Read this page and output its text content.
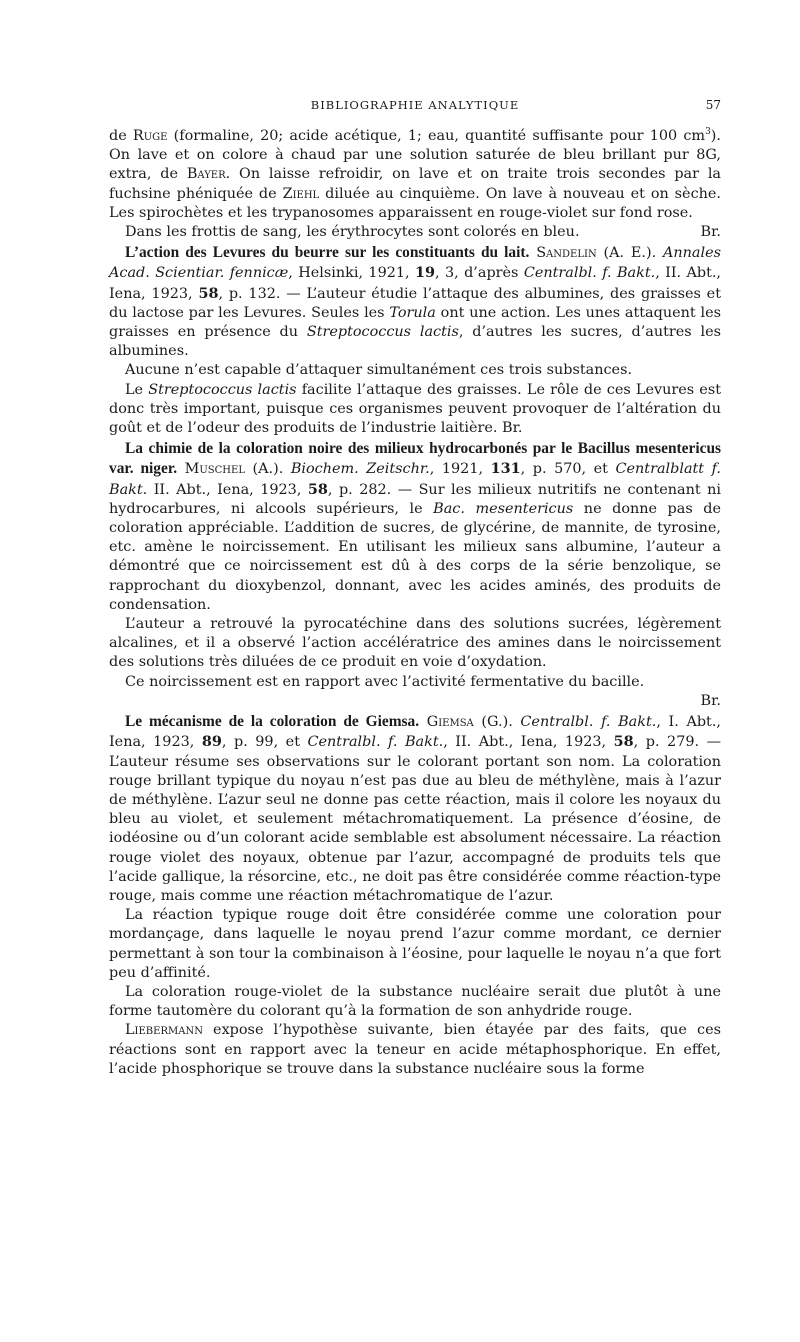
BIBLIOGRAPHIE ANALYTIQUE	57

de Ruge (formaline, 20; acide acétique, 1; eau, quantité suffisante pour 100 $cm^3$). On lave et on colore à chaud par une solution saturée de bleu brillant pur 8G, extra, de Bayer. On laisse refroidir, on lave et on traite trois secondes par la fuchsine phéniquée de Ziehl diluée au cinquième. On lave à nouveau et on sèche. Les spirochètes et les trypanosomes apparaissent en rouge-violet sur fond rose.

Dans les frottis de sang, les érythrocytes sont colorés en bleu.	Br.

L’action des Levures du beurre sur les constituants du lait. Sandelin (A. E.). Annales Acad. Scientiar. fennicæ, Helsinki, 1921, 19, 3, d’après Centralbl. f. Bakt., II. Abt., Iena, 1923, 58, p. 132. — L’auteur étudie l’attaque des albumines, des graisses et du lactose par les Levures. Seules les Torula ont une action. Les unes attaquent les graisses en présence du Streptococcus lactis, d’autres les sucres, d’autres les albumines.

Aucune n’est capable d’attaquer simultanément ces trois substances.

Le Streptococcus lactis facilite l’attaque des graisses. Le rôle de ces Levures est donc très important, puisque ces organismes peuvent provoquer de l’altération du goût et de l’odeur des produits de l’industrie laitière. Br.

La chimie de la coloration noire des milieux hydrocarbonés par le Bacillus mesentericus var. niger. Muschel (A.). Biochem. Zeitschr., 1921, 131, p. 570, et Centralblatt f. Bakt. II. Abt., Iena, 1923, 58, p. 282. — Sur les milieux nutritifs ne contenant ni hydrocarbures, ni alcools supérieurs, le Bac. mesentericus ne donne pas de coloration appréciable. L’addition de sucres, de glycérine, de mannite, de tyrosine, etc. amène le noircissement. En utilisant les milieux sans albumine, l’auteur a démontré que ce noircissement est dû à des corps de la série benzolique, se rapprochant du dioxybenzol, donnant, avec les acides aminés, des produits de condensation.

L’auteur a retrouvé la pyrocatéchine dans des solutions sucrées, légèrement alcalines, et il a observé l’action accélératrice des amines dans le noircissement des solutions très diluées de ce produit en voie d’oxydation.

Ce noircissement est en rapport avec l’activité fermentative du bacille.

Br.

Le mécanisme de la coloration de Giemsa. Giemsa (G.). Centralbl. f. Bakt., I. Abt., Iena, 1923, 89, p. 99, et Centralbl. f. Bakt., II. Abt., Iena, 1923, 58, p. 279. — L’auteur résume ses observations sur le colorant portant son nom. La coloration rouge brillant typique du noyau n’est pas due au bleu de méthylène, mais à l’azur de méthylène. L’azur seul ne donne pas cette réaction, mais il colore les noyaux du bleu au violet, et seulement métachromatiquement. La présence d’éosine, de iodéosine ou d’un colorant acide semblable est absolument nécessaire. La réaction rouge violet des noyaux, obtenue par l’azur, accompagné de produits tels que l’acide gallique, la résorcine, etc., ne doit pas être considérée comme réaction-type rouge, mais comme une réaction métachromatique de l’azur.

La réaction typique rouge doit être considérée comme une coloration pour mordançage, dans laquelle le noyau prend l’azur comme mordant, ce dernier permettant à son tour la combinaison à l’éosine, pour laquelle le noyau n’a que fort peu d’affinité.

La coloration rouge-violet de la substance nucléaire serait due plutôt à une forme tautomère du colorant qu’à la formation de son anhydride rouge.

Liebermann expose l’hypothèse suivante, bien étayée par des faits, que ces réactions sont en rapport avec la teneur en acide métaphosphorique. En effet, l’acide phosphorique se trouve dans la substance nucléaire sous la forme
